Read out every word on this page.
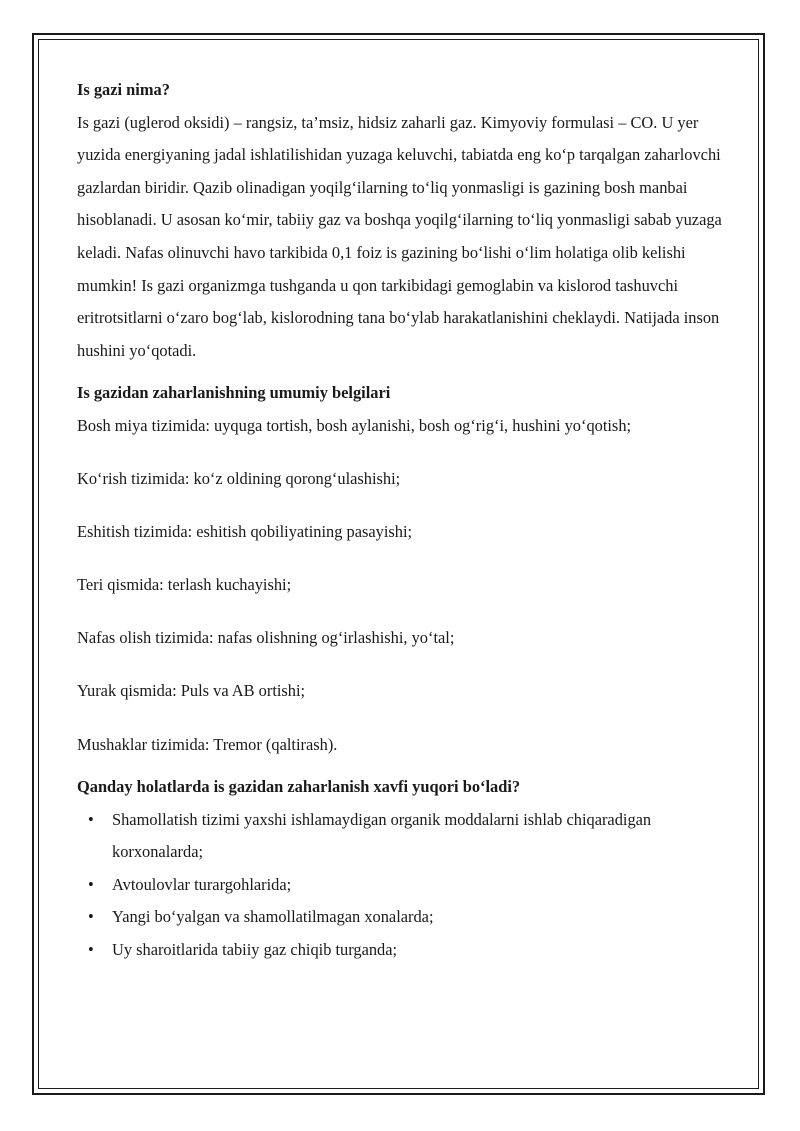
Is gazi nima?

Is gazi (uglerod oksidi) – rangsiz, ta’msiz, hidsiz zaharli gaz. Kimyoviy formulasi – CO. U yer yuzida energiyaning jadal ishlatilishidan yuzaga keluvchi, tabiatda eng ko‘p tarqalgan zaharlovchi gazlardan biridir. Qazib olinadigan yoqilg‘ilarning to‘liq yonmasligi is gazining bosh manbai hisoblanadi. U asosan ko‘mir, tabiiy gaz va boshqa yoqilg‘ilarning to‘liq yonmasligi sabab yuzaga keladi. Nafas olinuvchi havo tarkibida 0,1 foiz is gazining bo‘lishi o‘lim holatiga olib kelishi mumkin! Is gazi organizmga tushganda u qon tarkibidagi gemoglabin va kislorod tashuvchi eritrotsitlarni o‘zaro bog‘lab, kislorodning tana bo‘ylab harakatlanishini cheklaydi. Natijada inson hushini yo‘qotadi.

Is gazidan zaharlanishning umumiy belgilari

Bosh miya tizimida: uyquga tortish, bosh aylanishi, bosh og‘rig‘i, hushini yo‘qotish;

Ko‘rish tizimida: ko‘z oldining qorong‘ulashishi;

Eshitish tizimida: eshitish qobiliyatining pasayishi;

Teri qismida: terlash kuchayishi;

Nafas olish tizimida: nafas olishning og‘irlashishi, yo‘tal;

Yurak qismida: Puls va AB ortishi;

Mushaklar tizimida: Tremor (qaltirash).

Qanday holatlarda is gazidan zaharlanish xavfi yuqori bo‘ladi?

• Shamollatish tizimi yaxshi ishlamaydigan organik moddalarni ishlab chiqaradigan korxonalarda;
• Avtoulovlar turargohlarida;
• Yangi bo‘yalgan va shamollatilmagan xonalarda;
• Uy sharoitlarida tabiiy gaz chiqib turganda;
